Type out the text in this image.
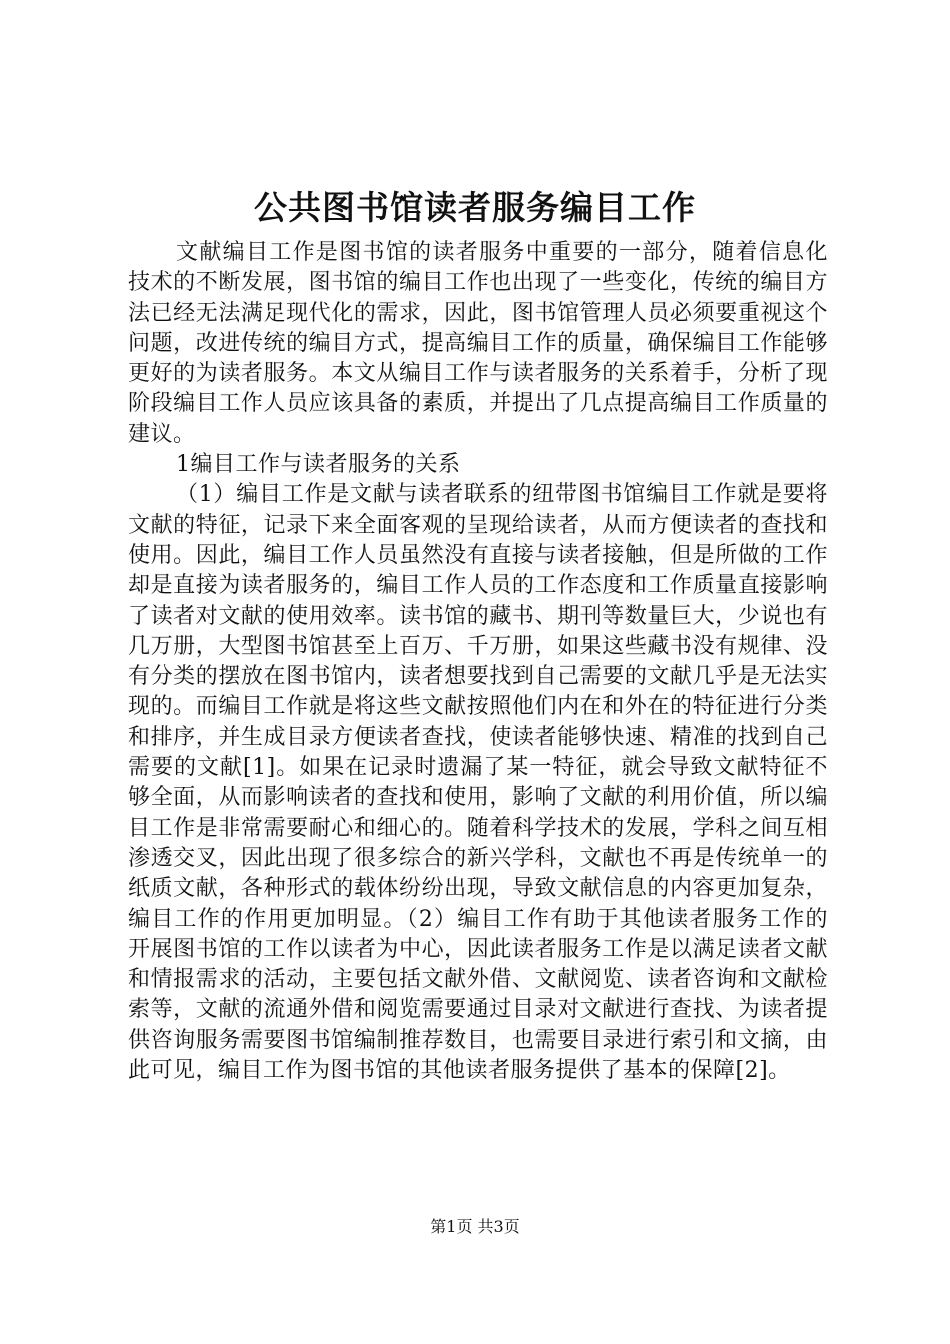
公共图书馆读者服务编目工作

文献编目工作是图书馆的读者服务中重要的一部分，随着信息化技术的不断发展，图书馆的编目工作也出现了一些变化，传统的编目方法已经无法满足现代化的需求，因此，图书馆管理人员必须要重视这个问题，改进传统的编目方式，提高编目工作的质量，确保编目工作能够更好的为读者服务。本文从编目工作与读者服务的关系着手，分析了现阶段编目工作人员应该具备的素质，并提出了几点提高编目工作质量的建议。

1编目工作与读者服务的关系

（1）编目工作是文献与读者联系的纽带图书馆编目工作就是要将文献的特征，记录下来全面客观的呈现给读者，从而方便读者的查找和使用。因此，编目工作人员虽然没有直接与读者接触，但是所做的工作却是直接为读者服务的，编目工作人员的工作态度和工作质量直接影响了读者对文献的使用效率。读书馆的藏书、期刊等数量巨大，少说也有几万册，大型图书馆甚至上百万、千万册，如果这些藏书没有规律、没有分类的摆放在图书馆内，读者想要找到自己需要的文献几乎是无法实现的。而编目工作就是将这些文献按照他们内在和外在的特征进行分类和排序，并生成目录方便读者查找，使读者能够快速、精准的找到自己需要的文献[1]。如果在记录时遗漏了某一特征，就会导致文献特征不够全面，从而影响读者的查找和使用，影响了文献的利用价值，所以编目工作是非常需要耐心和细心的。随着科学技术的发展，学科之间互相渗透交叉，因此出现了很多综合的新兴学科，文献也不再是传统单一的纸质文献，各种形式的载体纷纷出现，导致文献信息的内容更加复杂，编目工作的作用更加明显。（2）编目工作有助于其他读者服务工作的开展图书馆的工作以读者为中心，因此读者服务工作是以满足读者文献和情报需求的活动，主要包括文献外借、文献阅览、读者咨询和文献检索等，文献的流通外借和阅览需要通过目录对文献进行查找、为读者提供咨询服务需要图书馆编制推荐数目，也需要目录进行索引和文摘，由此可见，编目工作为图书馆的其他读者服务提供了基本的保障[2]。

第1页 共3页
